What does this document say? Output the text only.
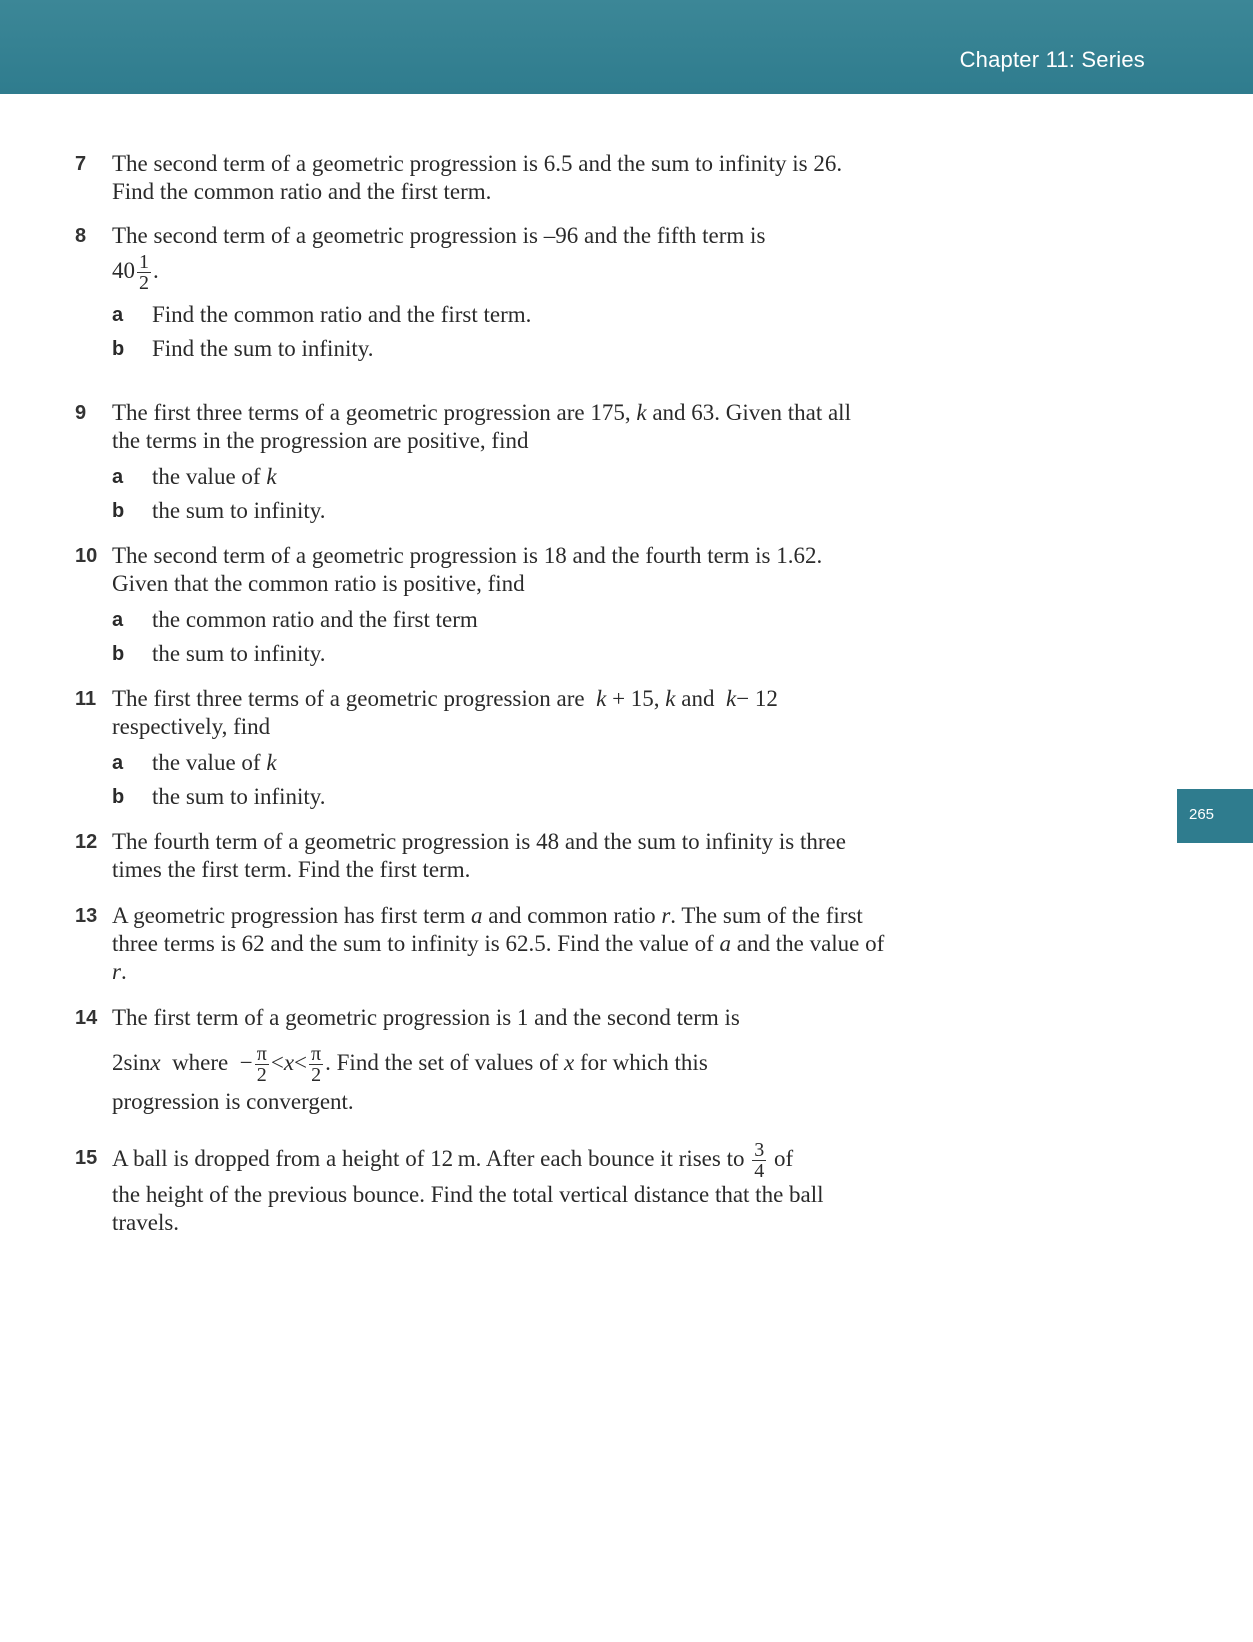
Chapter 11: Series
265
7 The second term of a geometric progression is 6.5 and the sum to infinity is 26. Find the common ratio and the first term.
8 The second term of a geometric progression is –96 and the fifth term is
$40 \frac{1}{2}$ .
a Find the common ratio and the first term.
b Find the sum to infinity.
9 The first three terms of a geometric progression are 175, k and 63. Given that all the terms in the progression are positive, find
a the value of k
b the sum to infinity.
10 The second term of a geometric progression is 18 and the fourth term is 1.62. Given that the common ratio is positive, find
a the common ratio and the first term
b the sum to infinity.
11 The first three terms of a geometric progression are k + 15, k and k− 12 respectively, find
a the value of k
b the sum to infinity.
12 The fourth term of a geometric progression is 48 and the sum to infinity is three times the first term. Find the first term.
13 A geometric progression has first term a and common ratio r. The sum of the first three terms is 62 and the sum to infinity is 62.5. Find the value of a and the value of r.
14 The first term of a geometric progression is 1 and the second term is
2sinx where − $\frac{\pi}{2} <x< \frac{\pi}{2}$ . Find the set of values of x for which this
progression is convergent.
15 A ball is dropped from a height of 12 m. After each bounce it rises to $\frac{3}{4}$ of
the height of the previous bounce. Find the total vertical distance that the ball travels.
